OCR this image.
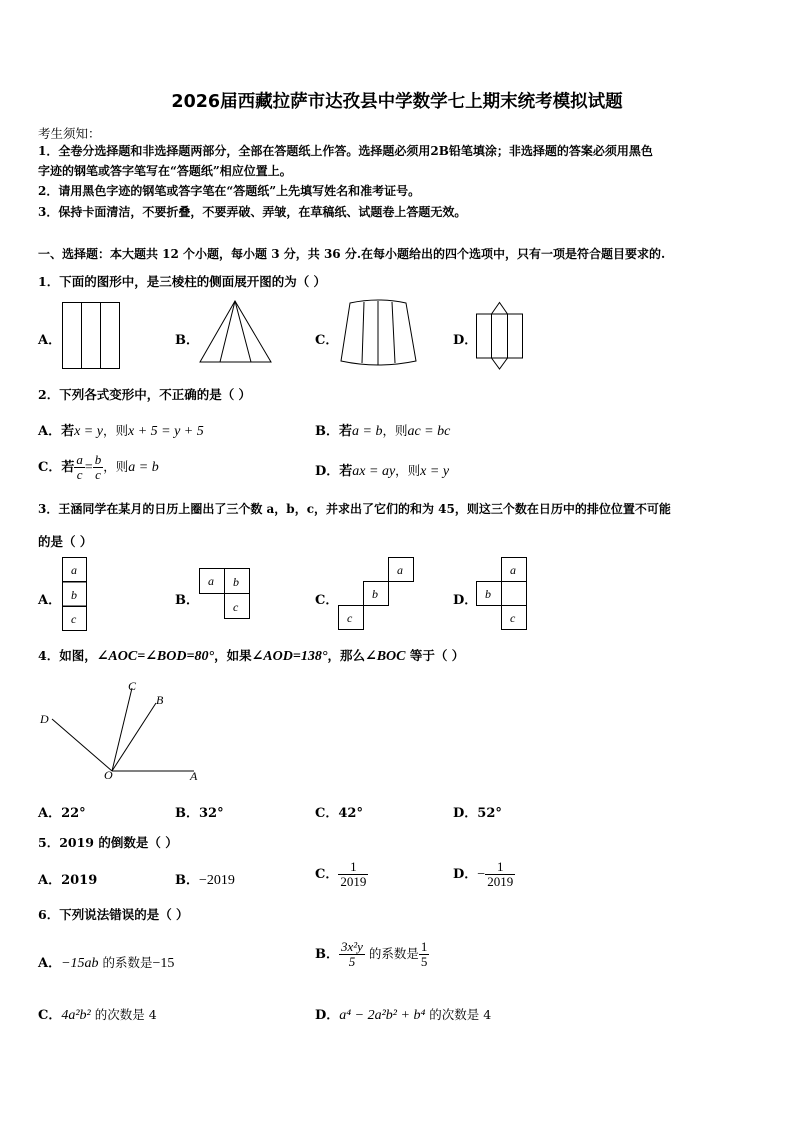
2026届西藏拉萨市达孜县中学数学七上期末统考模拟试题
考生须知：
1．全卷分选择题和非选择题两部分，全部在答题纸上作答。选择题必须用2B铅笔填涂；非选择题的答案必须用黑色
字迹的钢笔或答字笔写在“答题纸”相应位置上。
2．请用黑色字迹的钢笔或答字笔在“答题纸”上先填写姓名和准考证号。
3．保持卡面清洁，不要折叠，不要弄破、弄皱，在草稿纸、试题卷上答题无效。
一、选择题：本大题共 12 个小题，每小题 3 分，共 36 分.在每小题给出的四个选项中，只有一项是符合题目要求的.
1．下面的图形中，是三棱柱的侧面展开图的为（ ）
A．	B．	C．	D．
2．下列各式变形中，不正确的是（ ）
A．若x = y，则x + 5 = y + 5	B．若a = b，则ac = bc
C．若 $\frac{a}{c} = \frac{b}{c}$ ，则a = b	D．若ax = ay，则x = y
3．王涵同学在某月的日历上圈出了三个数 a，b，c，并求出了它们的和为 45，则这三个数在日历中的排位位置不可能
的是（ ）
A．
a
b
c
B．
a b
c	C．
a
b
c
D．
a
b
c
4．如图，∠AOC=∠BOD=80°，如果∠AOD=138°，那么∠BOC 等于（ ）
C
B
D
O	A
A．22°	B．32°	C．42°	D．52°
5．2019 的倒数是（ ）
A．2019	B．−2019	C． $\frac{1}{2019}$	D．− $\frac{1}{2019}$
6．下列说法错误的是（ ）
A．−15ab 的系数是−15
B． $\frac{\text{3x²y}}{5}$ 的系数是 $\frac{1}{5}$
C．4a²b² 的次数是 4	D．a⁴ − 2a²b² + b⁴ 的次数是 4
